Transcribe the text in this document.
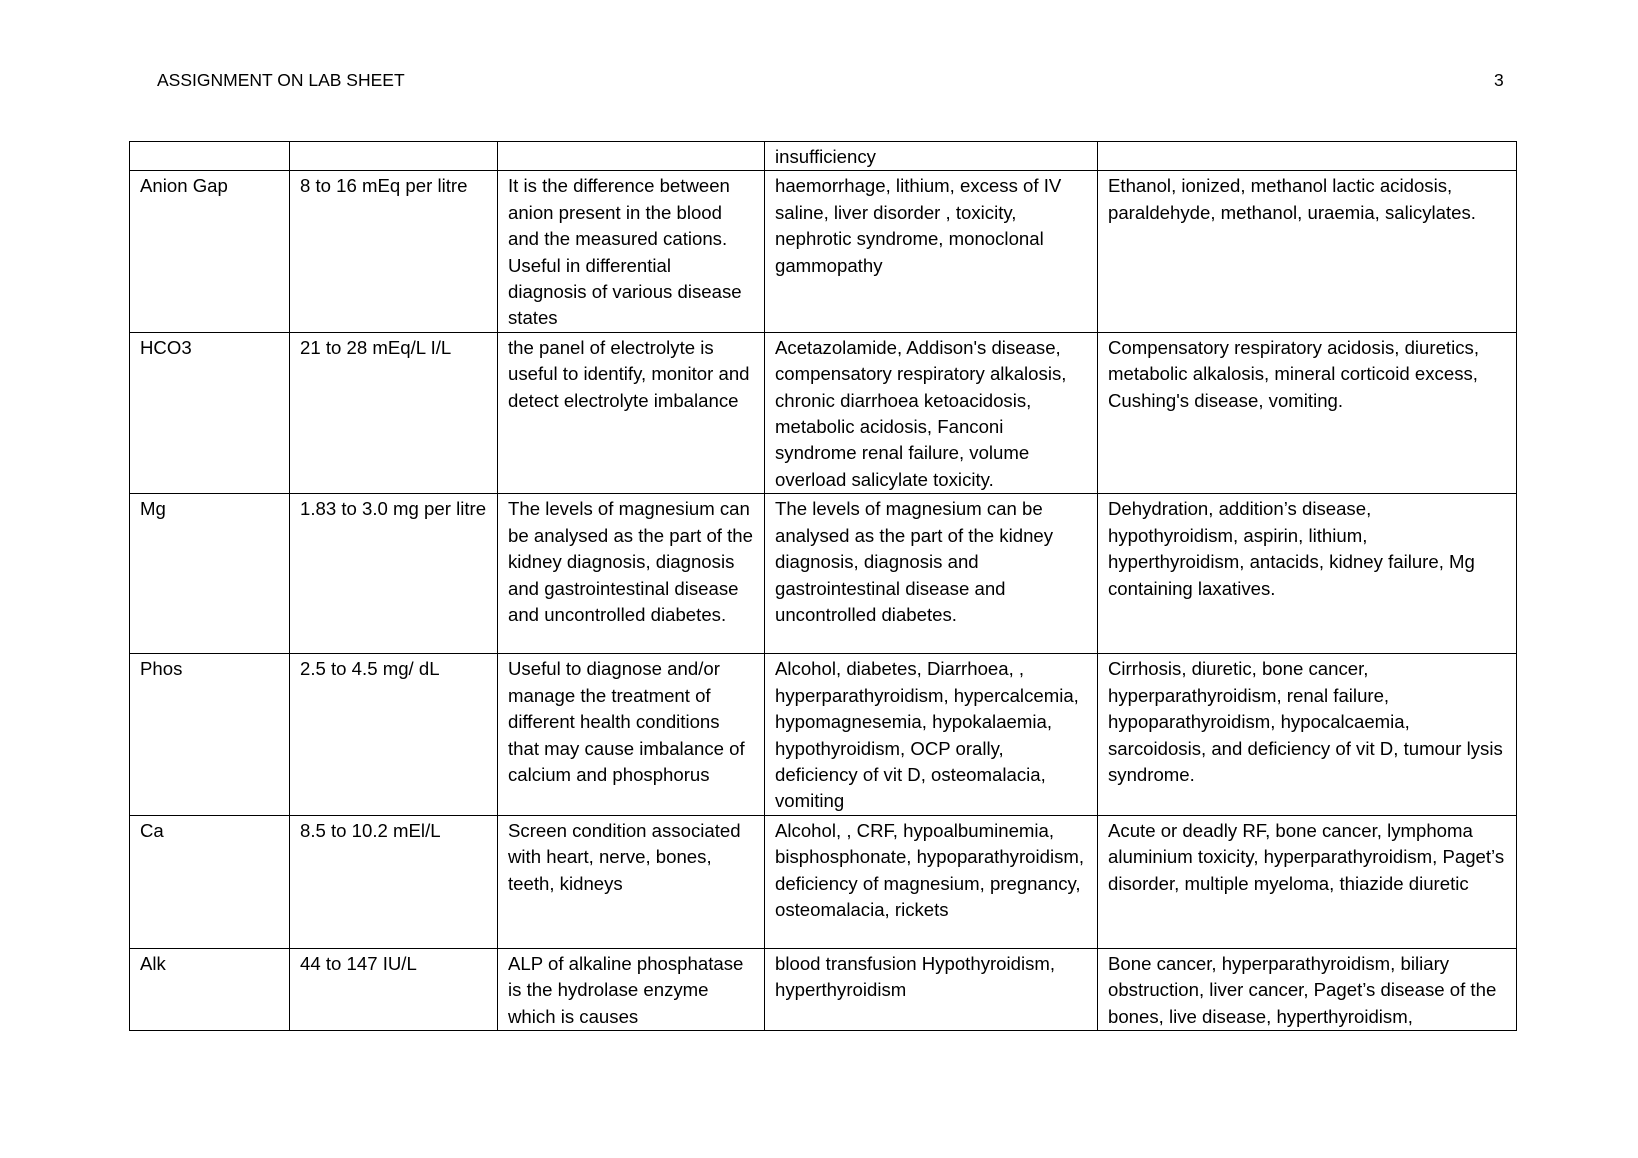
ASSIGNMENT ON LAB SHEET	3
			insufficiency	
Anion Gap	8 to 16 mEq per litre	It is the difference between anion present in the blood and the measured cations. Useful in differential diagnosis of various disease states	haemorrhage, lithium, excess of IV saline, liver disorder , toxicity, nephrotic syndrome, monoclonal gammopathy	Ethanol, ionized, methanol lactic acidosis, paraldehyde, methanol, uraemia, salicylates.
HCO3	21 to 28 mEq/L I/L	the panel of electrolyte is useful to identify, monitor and detect electrolyte imbalance	Acetazolamide, Addison's disease, compensatory respiratory alkalosis, chronic diarrhoea ketoacidosis, metabolic acidosis, Fanconi syndrome renal failure, volume overload salicylate toxicity.	Compensatory respiratory acidosis, diuretics, metabolic alkalosis, mineral corticoid excess, Cushing's disease, vomiting.
Mg	1.83 to 3.0 mg per litre	The levels of magnesium can be analysed as the part of the kidney diagnosis, diagnosis and gastrointestinal disease and uncontrolled diabetes.	The levels of magnesium can be analysed as the part of the kidney diagnosis, diagnosis and gastrointestinal disease and uncontrolled diabetes.	Dehydration, addition’s disease, hypothyroidism, aspirin, lithium, hyperthyroidism, antacids, kidney failure, Mg containing laxatives.
Phos	2.5 to 4.5 mg/ dL	Useful to diagnose and/or manage the treatment of different health conditions that may cause imbalance of calcium and phosphorus	Alcohol, diabetes, Diarrhoea, , hyperparathyroidism, hypercalcemia, hypomagnesemia, hypokalaemia, hypothyroidism, OCP orally, deficiency of vit D, osteomalacia, vomiting	Cirrhosis, diuretic, bone cancer, hyperparathyroidism, renal failure, hypoparathyroidism, hypocalcaemia, sarcoidosis, and deficiency of vit D, tumour lysis syndrome.
Ca	8.5 to 10.2 mEl/L	Screen condition associated with heart, nerve, bones, teeth, kidneys	Alcohol, , CRF, hypoalbuminemia, bisphosphonate, hypoparathyroidism, deficiency of magnesium, pregnancy, osteomalacia, rickets	Acute or deadly RF, bone cancer, lymphoma aluminium toxicity, hyperparathyroidism, Paget’s disorder, multiple myeloma, thiazide diuretic
Alk	44 to 147 IU/L	ALP of alkaline phosphatase is the hydrolase enzyme which is causes	blood transfusion Hypothyroidism, hyperthyroidism	Bone cancer, hyperparathyroidism, biliary obstruction, liver cancer, Paget’s disease of the bones, live disease, hyperthyroidism,
